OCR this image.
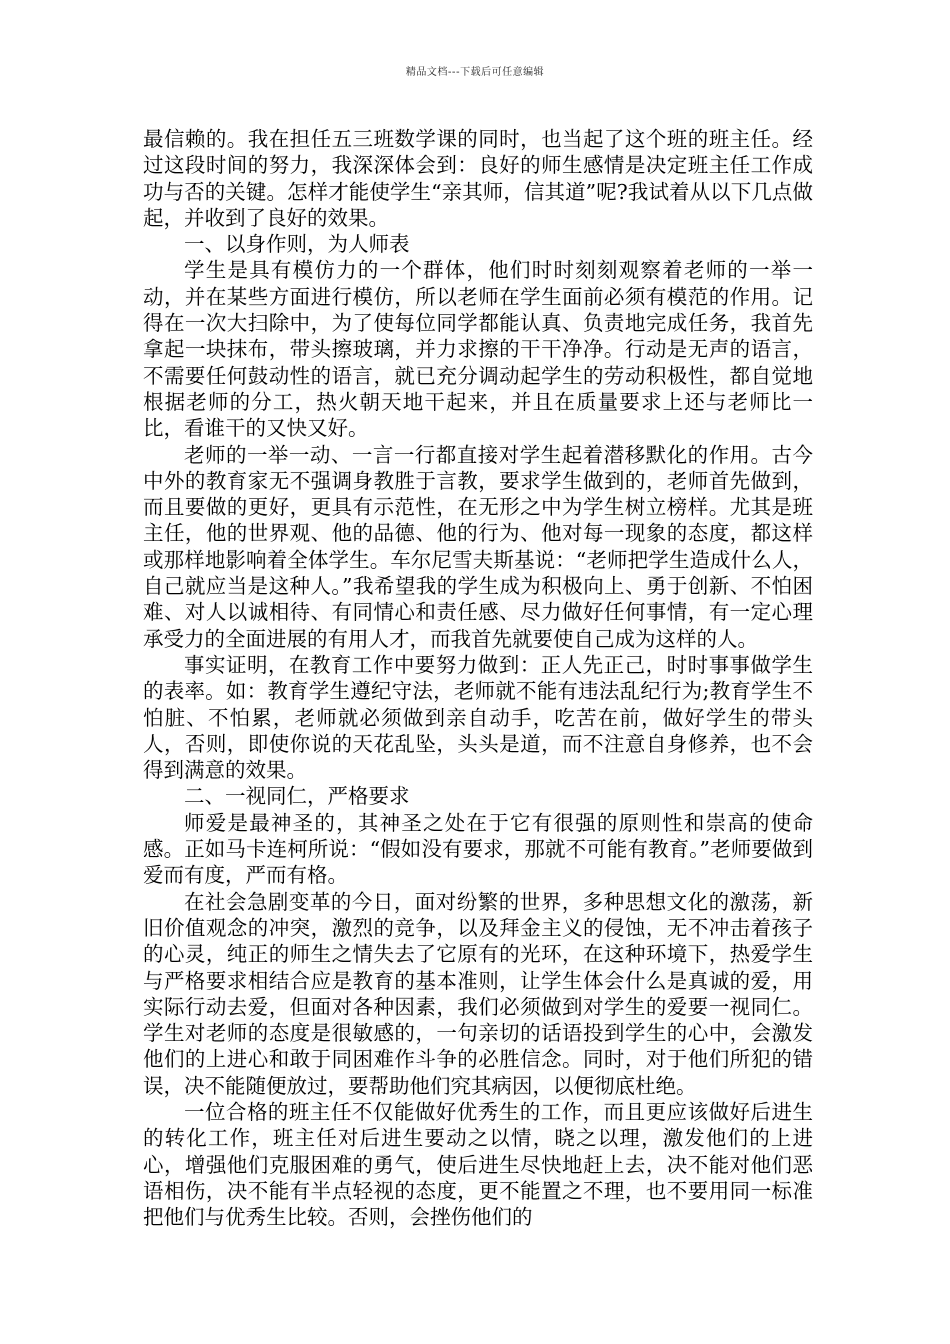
精品文档---下载后可任意编辑

最信赖的。我在担任五三班数学课的同时，也当起了这个班的班主任。经过这段时间的努力，我深深体会到：良好的师生感情是决定班主任工作成功与否的关键。怎样才能使学生“亲其师，信其道”呢?我试着从以下几点做起，并收到了良好的效果。

一、以身作则，为人师表

学生是具有模仿力的一个群体，他们时时刻刻观察着老师的一举一动，并在某些方面进行模仿，所以老师在学生面前必须有模范的作用。记得在一次大扫除中，为了使每位同学都能认真、负责地完成任务，我首先拿起一块抹布，带头擦玻璃，并力求擦的干干净净。行动是无声的语言，不需要任何鼓动性的语言，就已充分调动起学生的劳动积极性，都自觉地根据老师的分工，热火朝天地干起来，并且在质量要求上还与老师比一比，看谁干的又快又好。

老师的一举一动、一言一行都直接对学生起着潜移默化的作用。古今中外的教育家无不强调身教胜于言教，要求学生做到的，老师首先做到，而且要做的更好，更具有示范性，在无形之中为学生树立榜样。尤其是班主任，他的世界观、他的品德、他的行为、他对每一现象的态度，都这样或那样地影响着全体学生。车尔尼雪夫斯基说：“老师把学生造成什么人，自己就应当是这种人。”我希望我的学生成为积极向上、勇于创新、不怕困难、对人以诚相待、有同情心和责任感、尽力做好任何事情，有一定心理承受力的全面进展的有用人才，而我首先就要使自己成为这样的人。

事实证明，在教育工作中要努力做到：正人先正己，时时事事做学生的表率。如：教育学生遵纪守法，老师就不能有违法乱纪行为;教育学生不怕脏、不怕累，老师就必须做到亲自动手，吃苦在前，做好学生的带头人，否则，即使你说的天花乱坠，头头是道，而不注意自身修养，也不会得到满意的效果。

二、一视同仁，严格要求

师爱是最神圣的，其神圣之处在于它有很强的原则性和崇高的使命感。正如马卡连柯所说：“假如没有要求，那就不可能有教育。”老师要做到爱而有度，严而有格。

在社会急剧变革的今日，面对纷繁的世界，多种思想文化的激荡，新旧价值观念的冲突，激烈的竞争，以及拜金主义的侵蚀，无不冲击着孩子的心灵，纯正的师生之情失去了它原有的光环，在这种环境下，热爱学生与严格要求相结合应是教育的基本准则，让学生体会什么是真诚的爱，用实际行动去爱，但面对各种因素，我们必须做到对学生的爱要一视同仁。学生对老师的态度是很敏感的，一句亲切的话语投到学生的心中，会激发他们的上进心和敢于同困难作斗争的必胜信念。同时，对于他们所犯的错误，决不能随便放过，要帮助他们究其病因，以便彻底杜绝。

一位合格的班主任不仅能做好优秀生的工作，而且更应该做好后进生的转化工作，班主任对后进生要动之以情，晓之以理，激发他们的上进心，增强他们克服困难的勇气，使后进生尽快地赶上去，决不能对他们恶语相伤，决不能有半点轻视的态度，更不能置之不理，也不要用同一标准把他们与优秀生比较。否则，会挫伤他们的
